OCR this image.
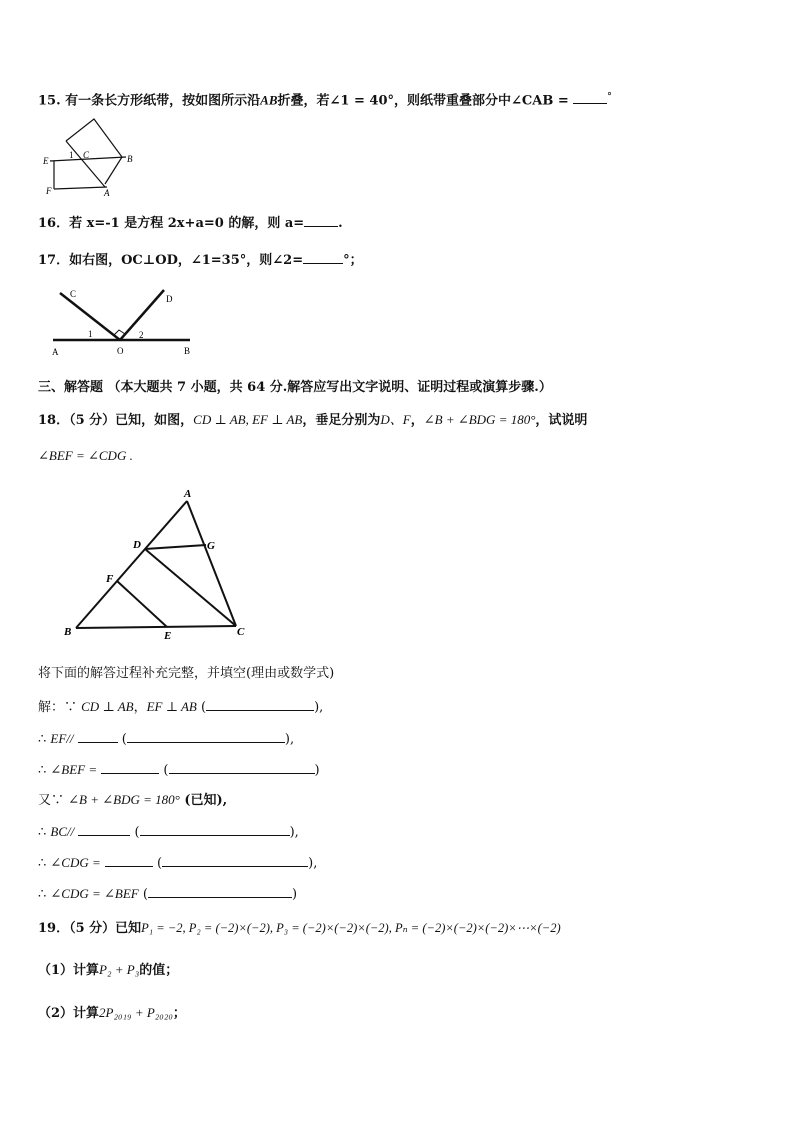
15. 有一条长方形纸带，按如图所示沿AB折叠，若∠1 = 40°，则纸带重叠部分中∠CAB =	°
E
F
1 C	B
A
16．若 x=-1 是方程 2x+a=0 的解，则 a=	.
17．如右图，OC⊥OD，∠1=35°，则∠2=	°；
C	D
1	2
A	O	B
三、解答题 （本大题共 7 小题，共 64 分.解答应写出文字说明、证明过程或演算步骤.）
18．（5 分）已知，如图，CD ⊥ AB, EF ⊥ AB，垂足分别为D、F，∠B + ∠BDG = 180°，试说明
∠BEF = ∠CDG .
A
D	G
F
B	E	C
将下面的解答过程补充完整，并填空(理由或数学式)
解：∵ CD ⊥ AB，EF ⊥ AB (	),
∴ EF//	(	),
∴ ∠BEF =	(	)
又∵ ∠B + ∠BDG = 180° (已知),
∴ BC//	(	),
∴ ∠CDG =	(	),
∴ ∠CDG = ∠BEF (	)
19．（5 分）已知P₁ = −2, P₂ = (−2)×(−2), P₃ = (−2)×(−2)×(−2), Pₙ = (−2)×(−2)×(−2)×⋯×(−2)
（1）计算P₂ + P₃的值；
（2）计算2P₂₀₁₉ + P₂₀₂₀；
